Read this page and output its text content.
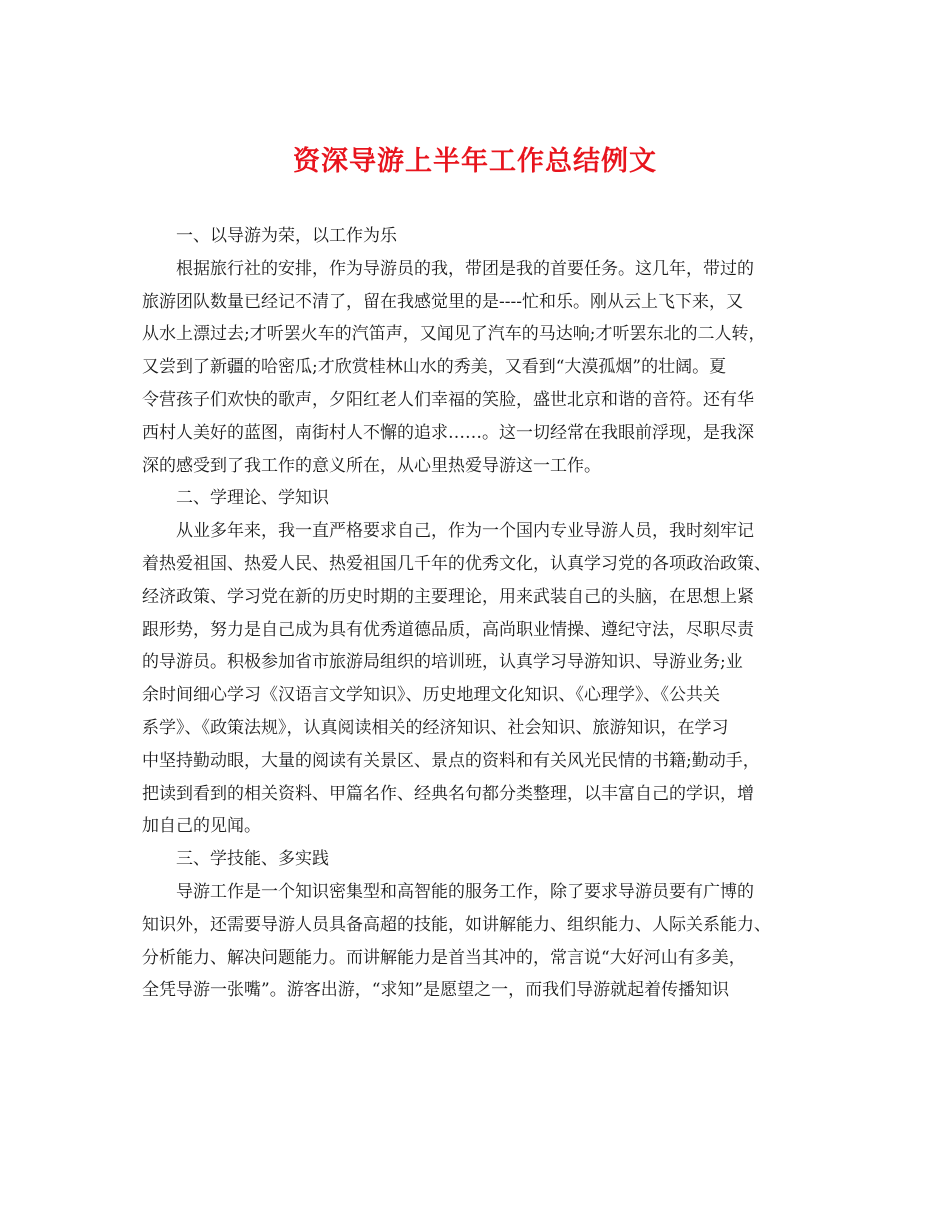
资深导游上半年工作总结例文

一、以导游为荣，以工作为乐

根据旅行社的安排，作为导游员的我，带团是我的首要任务。这几年，带过的

旅游团队数量已经记不清了，留在我感觉里的是----忙和乐。刚从云上飞下来，又

从水上漂过去;才听罢火车的汽笛声，又闻见了汽车的马达响;才听罢东北的二人转，

又尝到了新疆的哈密瓜;才欣赏桂林山水的秀美，又看到“大漠孤烟”的壮阔。夏

令营孩子们欢快的歌声，夕阳红老人们幸福的笑脸，盛世北京和谐的音符。还有华

西村人美好的蓝图，南街村人不懈的追求……。这一切经常在我眼前浮现，是我深

深的感受到了我工作的意义所在，从心里热爱导游这一工作。

二、学理论、学知识

从业多年来，我一直严格要求自己，作为一个国内专业导游人员，我时刻牢记

着热爱祖国、热爱人民、热爱祖国几千年的优秀文化，认真学习党的各项政治政策、

经济政策、学习党在新的历史时期的主要理论，用来武装自己的头脑，在思想上紧

跟形势，努力是自己成为具有优秀道德品质，高尚职业情操、遵纪守法，尽职尽责

的导游员。积极参加省市旅游局组织的培训班，认真学习导游知识、导游业务;业

余时间细心学习《汉语言文学知识》、历史地理文化知识、《心理学》、《公共关

系学》、《政策法规》，认真阅读相关的经济知识、社会知识、旅游知识，在学习

中坚持勤动眼，大量的阅读有关景区、景点的资料和有关风光民情的书籍;勤动手，

把读到看到的相关资料、甲篇名作、经典名句都分类整理，以丰富自己的学识，增

加自己的见闻。

三、学技能、多实践

导游工作是一个知识密集型和高智能的服务工作，除了要求导游员要有广博的

知识外，还需要导游人员具备高超的技能，如讲解能力、组织能力、人际关系能力、

分析能力、解决问题能力。而讲解能力是首当其冲的，常言说“大好河山有多美，

全凭导游一张嘴”。游客出游，“求知”是愿望之一，而我们导游就起着传播知识
